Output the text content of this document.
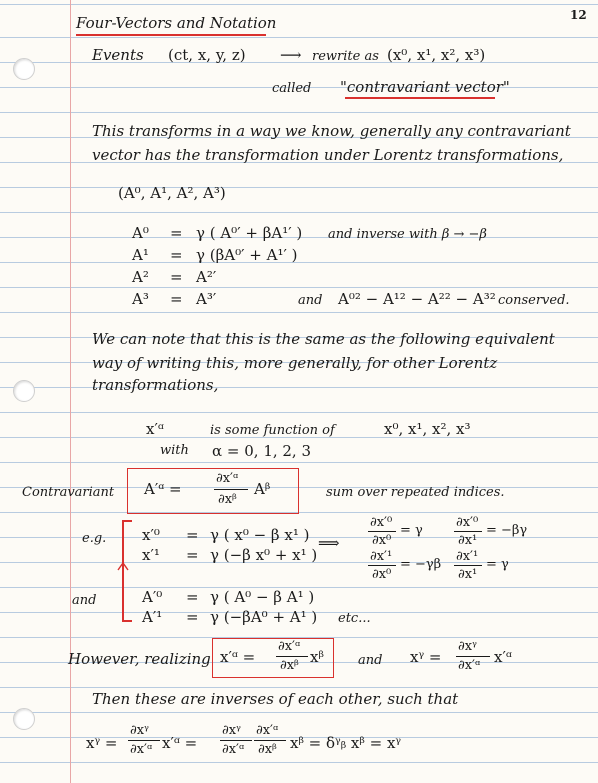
12
Four-Vectors and Notation
Events (ct, x, y, z) ⟶ rewrite as (x⁰, x¹, x², x³)
called "contravariant vector"
This transforms in a way we know, generally any contravariant
vector has the transformation under Lorentz transformations,
(A⁰, A¹, A², A³)
A⁰ = γ ( A⁰′ + βA¹′ )
A¹ = γ (βA⁰′ + A¹′ )
A² = A²′
A³ = A³′
and inverse with β → −β
and A⁰² − A¹² − A²² − A³² conserved.
We can note that this is the same as the following equivalent
way of writing this, more generally, for other Lorentz
transformations,
x′ᵅ	is some function of	x⁰, x¹, x², x³
with α = 0, 1, 2, 3
Contravariant A′ᵅ =
∂x′ᵅ
∂xᵝ
Aᵝ	sum over repeated indices.
e.g. x′⁰ = γ ( x⁰ − β x¹ )
x′¹ = γ (−β x⁰ + x¹ )
⟹
∂x′⁰
∂x⁰
= γ
∂x′⁰
∂x¹
= −βγ
∂x′¹
∂x⁰
= −γβ
∂x′¹
∂x¹
= γ
and	A′⁰ = γ ( A⁰ − β A¹ )
A′¹ = γ (−βA⁰ + A¹ ) etc...
However, realizing x′ᵅ =
∂x′ᵅ
∂xᵝ xᵝ	and xᵞ =
∂xᵞ
∂x′ᵅ x′ᵅ
Then these are inverses of each other, such that
xᵞ =
∂xᵞ
∂x′ᵅ x′ᵅ =
∂xᵞ
∂x′ᵅ
∂x′ᵅ
∂xᵝ xᵝ = δᵞᵦ xᵝ = xᵞ
